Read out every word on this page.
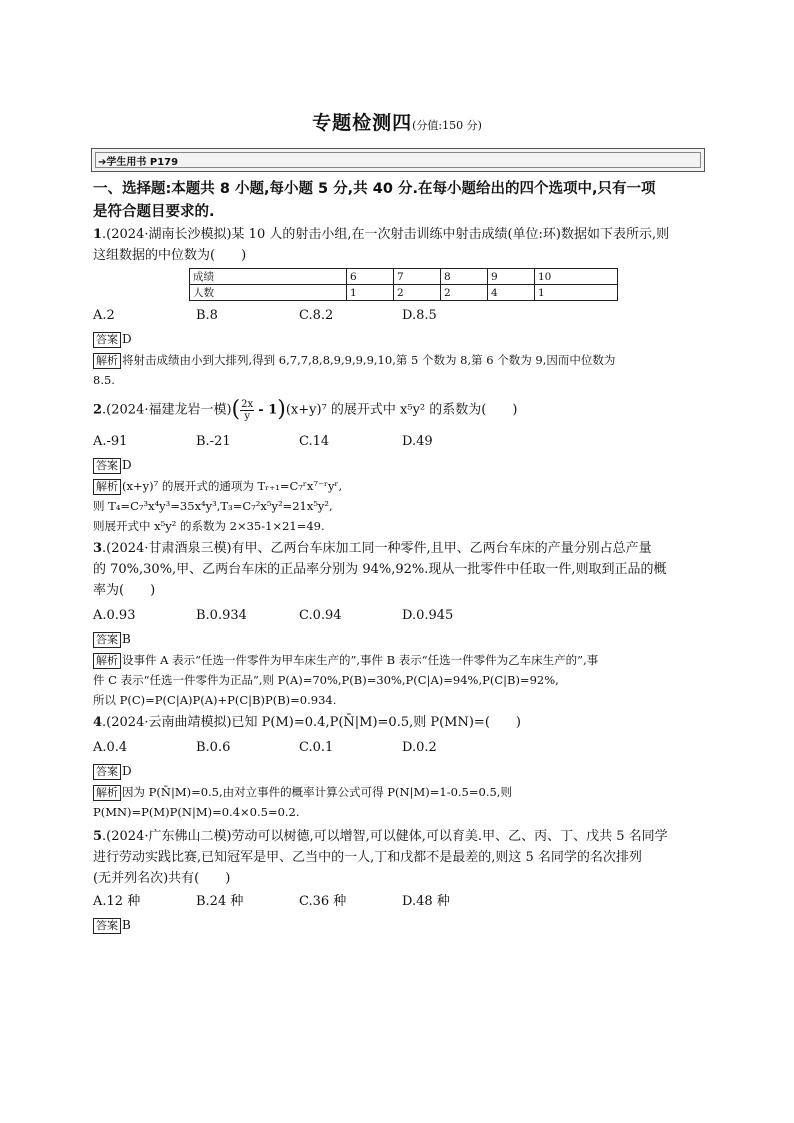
专题检测四(分值:150 分)
➔学生用书 P179

一、选择题:本题共 8 小题,每小题 5 分,共 40 分.在每小题给出的四个选项中,只有一项
是符合题目要求的.

1.(2024·湖南长沙模拟)某 10 人的射击小组,在一次射击训练中射击成绩(单位:环)数据如下表所示,则
这组数据的中位数为(　　)

成绩	6	7	8	9	10
人数	1	2	2	4	1
A.2	B.8	C.8.2	D.8.5
答案 D
解析 将射击成绩由小到大排列,得到 6,7,7,8,8,9,9,9,9,10,第 5 个数为 8,第 6 个数为 9,因而中位数为
8.5.

2.(2024·福建龙岩一模)( $\frac{2x}{y} - 1)(x+y)^7$ 的展开式中 x⁵y² 的系数为(　　)

A.-91	B.-21	C.14	D.49
答案 D
解析 (x+y)⁷ 的展开式的通项为 Tᵣ₊₁=C₇ʳx⁷⁻ʳyʳ,
则 T₄=C₇³x⁴y³=35x⁴y³,T₃=C₇²x⁵y²=21x⁵y²,
则展开式中 x⁵y² 的系数为 2×35-1×21=49.

3.(2024·甘肃酒泉三模)有甲、乙两台车床加工同一种零件,且甲、乙两台车床的产量分别占总产量
的 70%,30%,甲、乙两台车床的正品率分别为 94%,92%.现从一批零件中任取一件,则取到正品的概
率为(　　)

A.0.93	B.0.934	C.0.94	D.0.945
答案 B
解析 设事件 A 表示“任选一件零件为甲车床生产的”,事件 B 表示“任选一件零件为乙车床生产的”,事
件 C 表示“任选一件零件为正品”,则 P(A)=70%,P(B)=30%,P(C|A)=94%,P(C|B)=92%,
所以 P(C)=P(C|A)P(A)+P(C|B)P(B)=0.934.

4.(2024·云南曲靖模拟)已知 P(M)=0.4,P(N̄|M)=0.5,则 P(MN)=(　　)

A.0.4	B.0.6	C.0.1	D.0.2
答案 D
解析 因为 P(N̄|M)=0.5,由对立事件的概率计算公式可得 P(N|M)=1-0.5=0.5,则
P(MN)=P(M)P(N|M)=0.4×0.5=0.2.

5.(2024·广东佛山二模)劳动可以树德,可以增智,可以健体,可以育美.甲、乙、丙、丁、戊共 5 名同学
进行劳动实践比赛,已知冠军是甲、乙当中的一人,丁和戊都不是最差的,则这 5 名同学的名次排列
(无并列名次)共有(　　)

A.12 种	B.24 种	C.36 种	D.48 种
答案 B
